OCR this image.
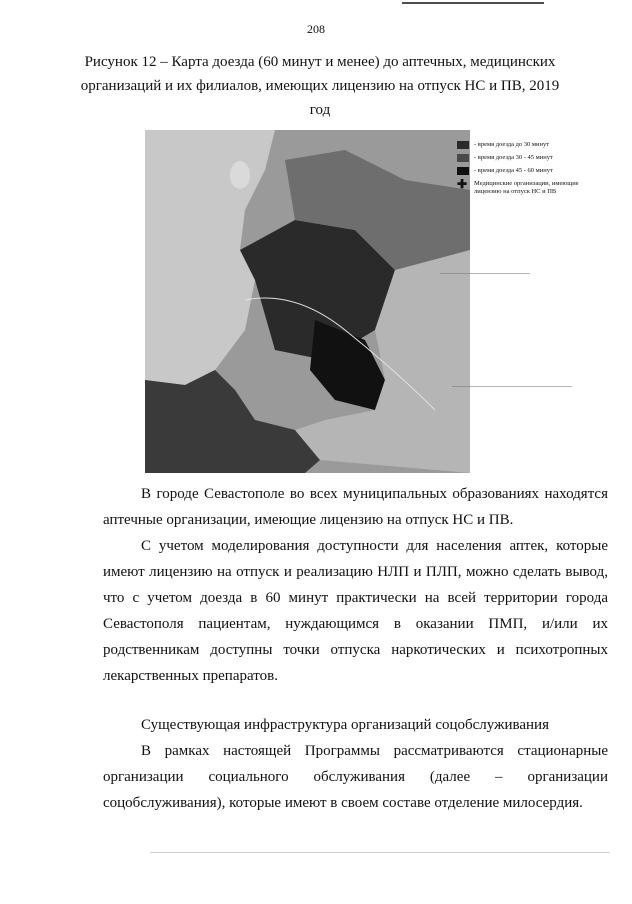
208
Рисунок 12 – Карта доезда (60 минут и менее) до аптечных, медицинских
организаций и их филиалов, имеющих лицензию на отпуск НС и ПВ, 2019
год
- время доезда до 30 минут
- время доезда 30 - 45 минут
- время доезда 45 - 60 минут
✚ Медицинские организации, имеющие лицензию на отпуск НС и ПВ
В городе Севастополе во всех муниципальных образованиях находятся аптечные организации, имеющие лицензию на отпуск НС и ПВ.
С учетом моделирования доступности для населения аптек, которые имеют лицензию на отпуск и реализацию НЛП и ПЛП, можно сделать вывод, что с учетом доезда в 60 минут практически на всей территории города Севастополя пациентам, нуждающимся в оказании ПМП, и/или их родственникам доступны точки отпуска наркотических и психотропных лекарственных препаратов.
Существующая инфраструктура организаций соцобслуживания
В рамках настоящей Программы рассматриваются стационарные организации социального обслуживания (далее – организации соцобслуживания), которые имеют в своем составе отделение милосердия.
